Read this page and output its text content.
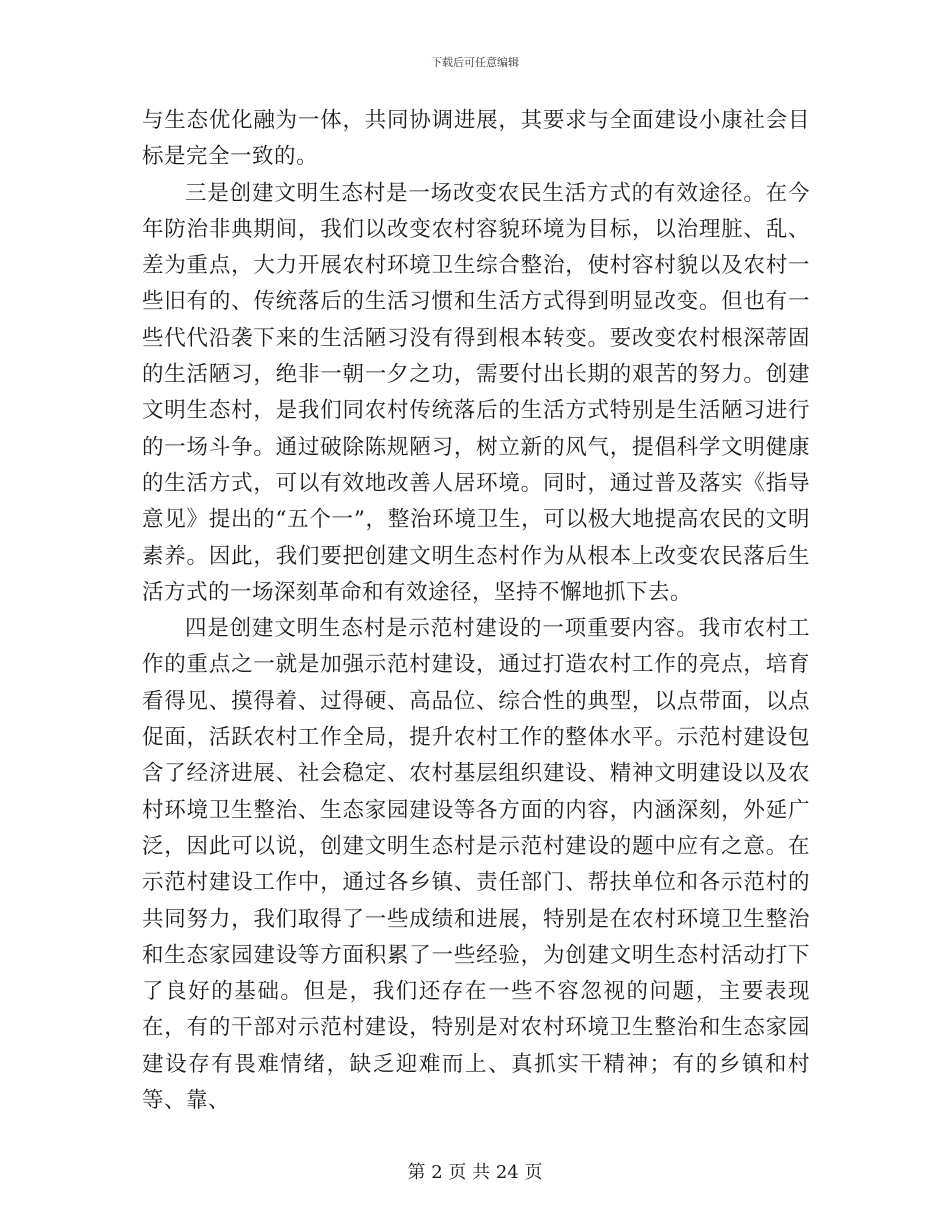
下载后可任意编辑

与生态优化融为一体，共同协调进展，其要求与全面建设小康社会目标是完全一致的。

三是创建文明生态村是一场改变农民生活方式的有效途径。在今年防治非典期间，我们以改变农村容貌环境为目标，以治理脏、乱、差为重点，大力开展农村环境卫生综合整治，使村容村貌以及农村一些旧有的、传统落后的生活习惯和生活方式得到明显改变。但也有一些代代沿袭下来的生活陋习没有得到根本转变。要改变农村根深蒂固的生活陋习，绝非一朝一夕之功，需要付出长期的艰苦的努力。创建文明生态村，是我们同农村传统落后的生活方式特别是生活陋习进行的一场斗争。通过破除陈规陋习，树立新的风气，提倡科学文明健康的生活方式，可以有效地改善人居环境。同时，通过普及落实《指导意见》提出的“五个一”，整治环境卫生，可以极大地提高农民的文明素养。因此，我们要把创建文明生态村作为从根本上改变农民落后生活方式的一场深刻革命和有效途径，坚持不懈地抓下去。

四是创建文明生态村是示范村建设的一项重要内容。我市农村工作的重点之一就是加强示范村建设，通过打造农村工作的亮点，培育看得见、摸得着、过得硬、高品位、综合性的典型，以点带面，以点促面，活跃农村工作全局，提升农村工作的整体水平。示范村建设包含了经济进展、社会稳定、农村基层组织建设、精神文明建设以及农村环境卫生整治、生态家园建设等各方面的内容，内涵深刻，外延广泛，因此可以说，创建文明生态村是示范村建设的题中应有之意。在示范村建设工作中，通过各乡镇、责任部门、帮扶单位和各示范村的共同努力，我们取得了一些成绩和进展，特别是在农村环境卫生整治和生态家园建设等方面积累了一些经验，为创建文明生态村活动打下了良好的基础。但是，我们还存在一些不容忽视的问题，主要表现在，有的干部对示范村建设，特别是对农村环境卫生整治和生态家园建设存有畏难情绪，缺乏迎难而上、真抓实干精神；有的乡镇和村等、靠、

第 2 页 共 24 页
